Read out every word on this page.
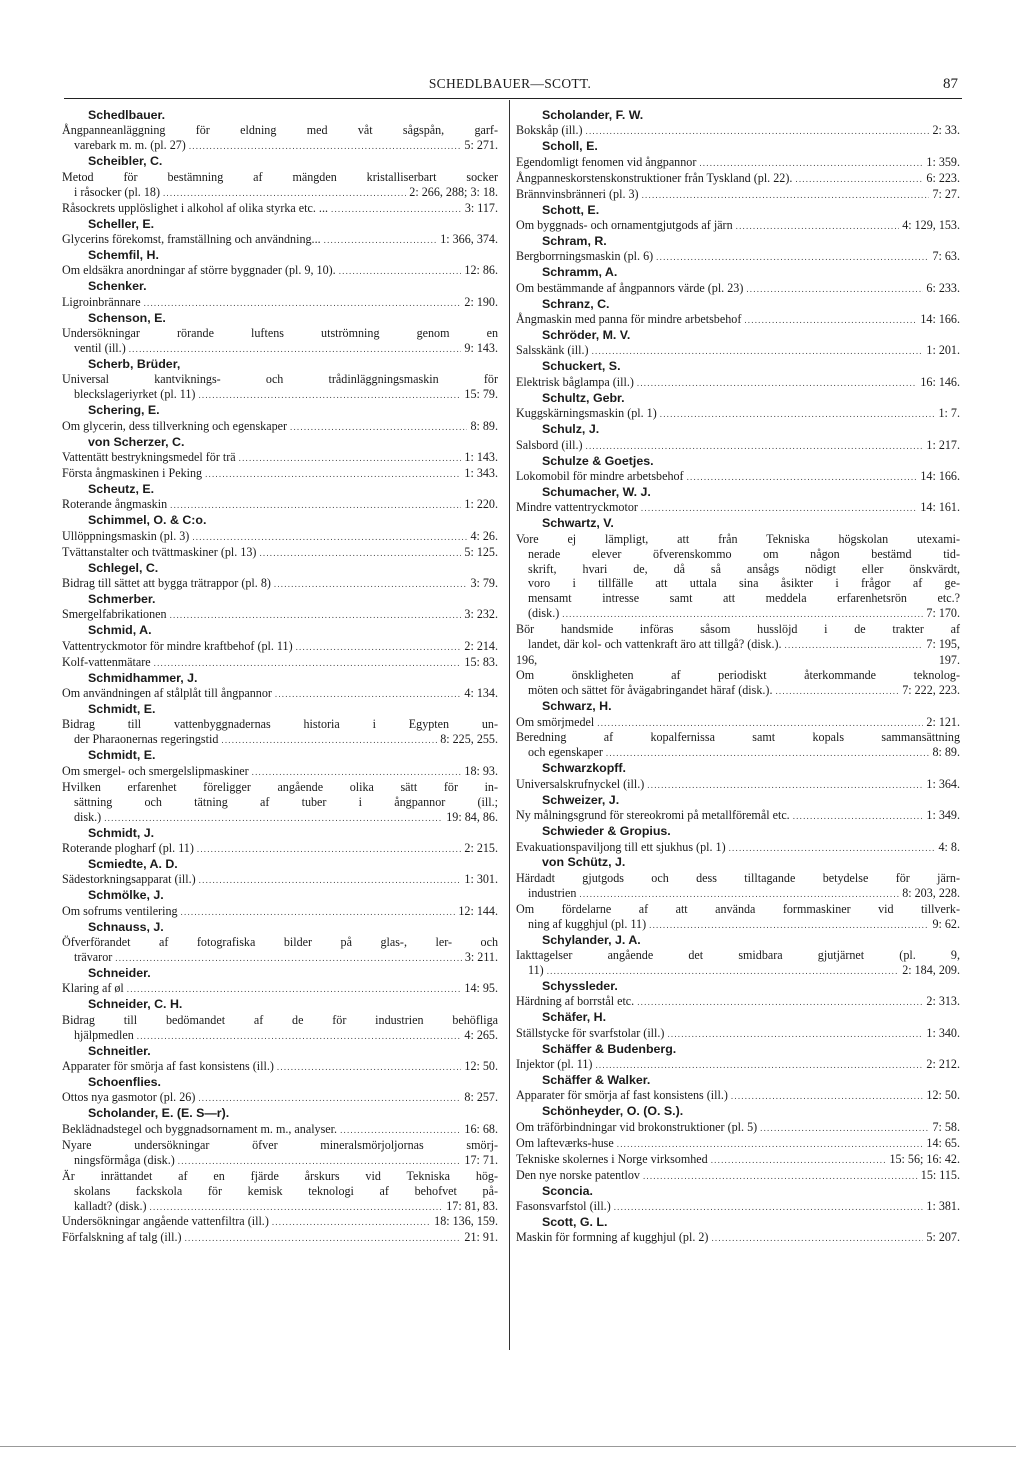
SCHEDLBAUER—SCOTT.	87
Schedlbauer.
Ångpanneanläggning för eldning med våt sågspån, garf-
varebark m. m. (pl. 27) .....	5: 271.
Scheibler, C.
Metod för bestämning af mängden kristalliserbart socker
i råsocker (pl. 18) .....	2: 266, 288; 3: 18.
Råsockrets upplöslighet i alkohol af olika styrka etc. ... .....	3: 117.
Scheller, E.
Glycerins förekomst, framställning och användning... .....	1: 366, 374.
Schemfil, H.
Om eldsäkra anordningar af större byggnader (pl. 9, 10). .....	12: 86.
Schenker.
Ligroinbrännare .....	2: 190.
Schenson, E.
Undersökningar rörande luftens utströmning genom en
ventil (ill.) .....	9: 143.
Scherb, Brüder,
Universal kantviknings- och trådinläggningsmaskin för
bleckslageriyrket (pl. 11) .....	15: 79.
Schering, E.
Om glycerin, dess tillverkning och egenskaper .....	8: 89.
von Scherzer, C.
Vattentätt bestrykningsmedel för trä .....	1: 143.
Första ångmaskinen i Peking .....	1: 343.
Scheutz, E.
Roterande ångmaskin .....	1: 220.
Schimmel, O. & C:o.
Ullöppningsmaskin (pl. 3) .....	4: 26.
Tvättanstalter och tvättmaskiner (pl. 13) .....	5: 125.
Schlegel, C.
Bidrag till sättet att bygga trätrappor (pl. 8) .....	3: 79.
Schmerber.
Smergelfabrikationen .....	3: 232.
Schmid, A.
Vattentryckmotor för mindre kraftbehof (pl. 11) .....	2: 214.
Kolf-vattenmätare .....	15: 83.
Schmidhammer, J.
Om användningen af stålplåt till ångpannor .....	4: 134.
Schmidt, E.
Bidrag till vattenbyggnadernas historia i Egypten un-
der Pharaonernas regeringstid .....	8: 225, 255.
Schmidt, E.
Om smergel- och smergelslipmaskiner .....	18: 93.
Hvilken erfarenhet föreligger angående olika sätt för in-
sättning och tätning af tuber i ångpannor (ill.;
disk.) .....	19: 84, 86.
Schmidt, J.
Roterande plogharf (pl. 11) .....	2: 215.
Scmiedte, A. D.
Sädestorkningsapparat (ill.) .....	1: 301.
Schmölke, J.
Om sofrums ventilering .....	12: 144.
Schnauss, J.
Öfverförandet af fotografiska bilder på glas-, ler- och
trävaror .....	3: 211.
Schneider.
Klaring af øl .....	14: 95.
Schneider, C. H.
Bidrag till bedömandet af de för industrien behöfliga
hjälpmedlen .....	4: 265.
Schneitler.
Apparater för smörja af fast konsistens (ill.) .....	12: 50.
Schoenflies.
Ottos nya gasmotor (pl. 26) .....	8: 257.
Scholander, E. (E. S—r).
Beklädnadstegel och byggnadsornament m. m., analyser. .....	16: 68.
Nyare undersökningar öfver mineralsmörjoljornas smörj-
ningsförmåga (disk.) .....	17: 71.
Är inrättandet af en fjärde årskurs vid Tekniska hög-
skolans fackskola för kemisk teknologi af behofvet på-
kalladt? (disk.) .....	17: 81, 83.
Undersökningar angående vattenfiltra (ill.) .....	18: 136, 159.
Förfalskning af talg (ill.) .....	21: 91.
Scholander, F. W.
Bokskåp (ill.) .....	2: 33.
Scholl, E.
Egendomligt fenomen vid ångpannor .....	1: 359.
Ångpanneskorstenskonstruktioner från Tyskland (pl. 22). .....	6: 223.
Brännvinsbränneri (pl. 3) .....	7: 27.
Schott, E.
Om byggnads- och ornamentgjutgods af järn .....	4: 129, 153.
Schram, R.
Bergborrningsmaskin (pl. 6) .....	7: 63.
Schramm, A.
Om bestämmande af ångpannors värde (pl. 23) .....	6: 233.
Schranz, C.
Ångmaskin med panna för mindre arbetsbehof .....	14: 166.
Schröder, M. V.
Salsskänk (ill.) .....	1: 201.
Schuckert, S.
Elektrisk båglampa (ill.) .....	16: 146.
Schultz, Gebr.
Kuggskärningsmaskin (pl. 1) .....	1: 7.
Schulz, J.
Salsbord (ill.) .....	1: 217.
Schulze & Goetjes.
Lokomobil för mindre arbetsbehof .....	14: 166.
Schumacher, W. J.
Mindre vattentryckmotor .....	14: 161.
Schwartz, V.
Vore ej lämpligt, att från Tekniska högskolan utexami-
nerade elever öfverenskommo om någon bestämd tid-
skrift, hvari de, då så ansågs nödigt eller önskvärdt,
voro i tillfälle att uttala sina åsikter i frågor af ge-
mensamt intresse samt att meddela erfarenhetsrön etc.?
(disk.) .....	7: 170.
Bör handsmide införas såsom husslöjd i de trakter af
landet, där kol- och vattenkraft äro att tillgå? (disk.). .....	7: 195,
196, 197.
Om önskligheten af periodiskt återkommande teknolog-
möten och sättet för åvägabringandet häraf (disk.). .....	7: 222, 223.
Schwarz, H.
Om smörjmedel .....	2: 121.
Beredning af kopalfernissa samt kopals sammansättning
och egenskaper .....	8: 89.
Schwarzkopff.
Universalskrufnyckel (ill.) .....	1: 364.
Schweizer, J.
Ny målningsgrund för stereokromi på metallföremål etc. .....	1: 349.
Schwieder & Gropius.
Evakuationspaviljong till ett sjukhus (pl. 1) .....	4: 8.
von Schütz, J.
Härdadt gjutgods och dess tilltagande betydelse för järn-
industrien .....	8: 203, 228.
Om fördelarne af att använda formmaskiner vid tillverk-
ning af kugghjul (pl. 11) .....	9: 62.
Schylander, J. A.
Iakttagelser angående det smidbara gjutjärnet (pl. 9,
11) .....	2: 184, 209.
Schyssleder.
Härdning af borrstål etc. .....	2: 313.
Schäfer, H.
Ställstycke för svarfstolar (ill.) .....	1: 340.
Schäffer & Budenberg.
Injektor (pl. 11) .....	2: 212.
Schäffer & Walker.
Apparater för smörja af fast konsistens (ill.) .....	12: 50.
Schönheyder, O. (O. S.).
Om träförbindningar vid brokonstruktioner (pl. 5) .....	7: 58.
Om lafteværks-huse .....	14: 65.
Tekniske skolernes i Norge virksomhed .....	15: 56; 16: 42.
Den nye norske patentlov .....	15: 115.
Sconcia.
Fasonsvarfstol (ill.) .....	1: 381.
Scott, G. L.
Maskin för formning af kugghjul (pl. 2) .....	5: 207.
